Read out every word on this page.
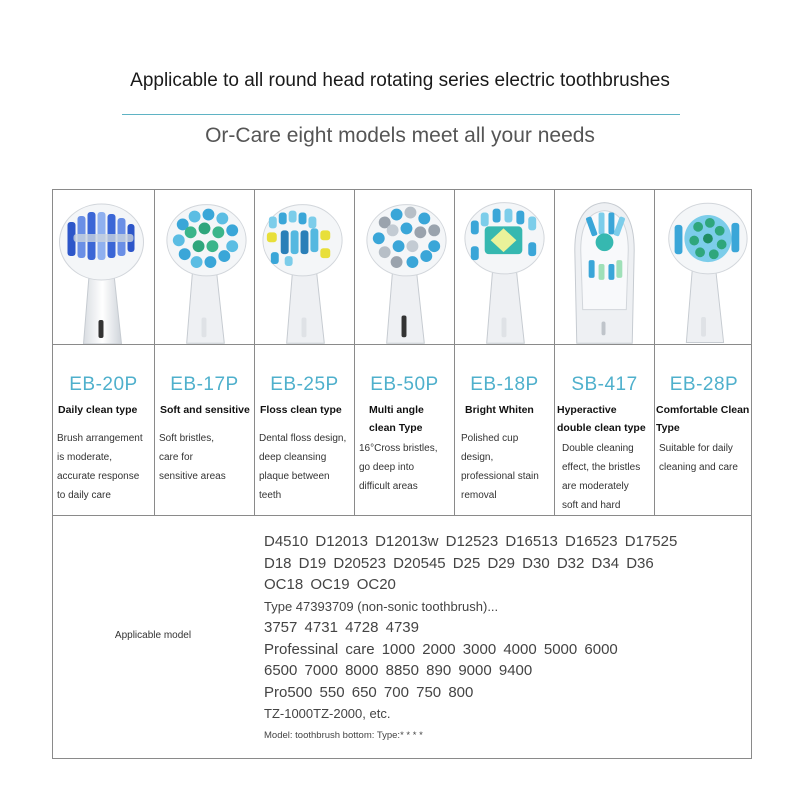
Applicable to all round head rotating series electric toothbrushes
Or-Care eight models meet all your needs
EB-20P
Daily clean type
Brush arrangement
is moderate,
accurate response
to daily care
EB-17P
Soft and sensitive
Soft bristles,
care for
sensitive areas
EB-25P
Floss clean type
Dental floss design,
deep cleansing
plaque between
teeth
EB-50P
Multi angle clean Type
16°Cross bristles,
go deep into
difficult areas
EB-18P
Bright Whiten
Polished cup
design,
professional stain
removal
SB-417
Hyperactive double clean type
Double cleaning
effect, the bristles
are moderately
soft and hard
EB-28P
Comfortable Clean Type
Suitable for daily
cleaning and care
Applicable model
D4510 D12013 D12013w D12523 D16513 D16523 D17525
D18 D19 D20523 D20545 D25 D29 D30 D32 D34 D36
OC18 OC19 OC20
Type 47393709 (non-sonic toothbrush)...
3757 4731 4728 4739
Professinal care 1000 2000 3000 4000 5000 6000
6500 7000 8000 8850 890 9000 9400
Pro500 550 650 700 750 800
TZ-1000TZ-2000, etc.
Model: toothbrush bottom: Type:* * * *
